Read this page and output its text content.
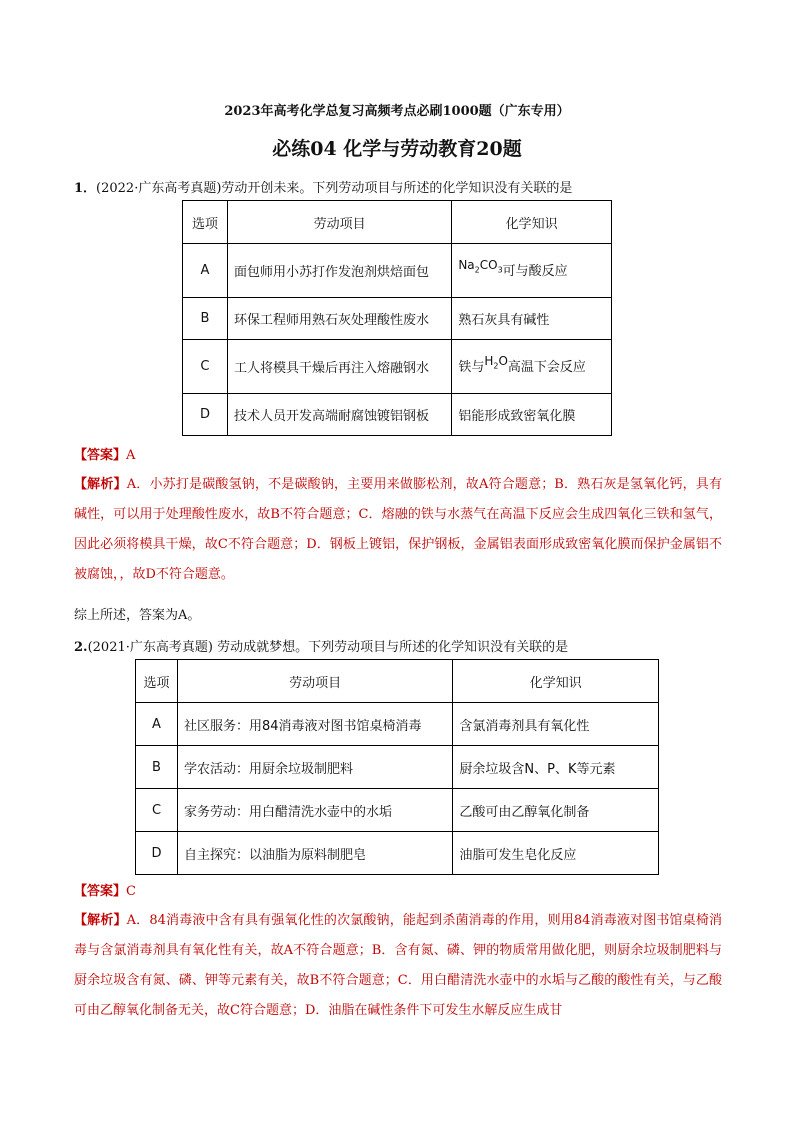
2023年高考化学总复习高频考点必刷1000题（广东专用）
必练04 化学与劳动教育20题
1．(2022·广东高考真题)劳动开创未来。下列劳动项目与所述的化学知识没有关联的是
选项	劳动项目	化学知识
A	面包师用小苏打作发泡剂烘焙面包	$Na_2CO_3$可与酸反应
B	环保工程师用熟石灰处理酸性废水	熟石灰具有碱性
C	工人将模具干燥后再注入熔融钢水	铁与$H_2O$高温下会反应
D	技术人员开发高端耐腐蚀镀铝钢板	铝能形成致密氧化膜
【答案】A
【解析】A．小苏打是碳酸氢钠，不是碳酸钠，主要用来做膨松剂，故A符合题意；B．熟石灰是氢氧化钙，具有碱性，可以用于处理酸性废水，故B不符合题意；C．熔融的铁与水蒸气在高温下反应会生成四氧化三铁和氢气，因此必须将模具干燥，故C不符合题意；D．钢板上镀铝，保护钢板，金属铝表面形成致密氧化膜而保护金属铝不被腐蚀，，故D不符合题意。
综上所述，答案为A。
2.(2021·广东高考真题) 劳动成就梦想。下列劳动项目与所述的化学知识没有关联的是
选项	劳动项目	化学知识
A	社区服务：用84消毒液对图书馆桌椅消毒	含氯消毒剂具有氧化性
B	学农活动：用厨余垃圾制肥料	厨余垃圾含N、P、K等元素
C	家务劳动：用白醋清洗水壶中的水垢	乙酸可由乙醇氧化制备
D	自主探究：以油脂为原料制肥皂	油脂可发生皂化反应
【答案】C
【解析】A．84消毒液中含有具有强氧化性的次氯酸钠，能起到杀菌消毒的作用，则用84消毒液对图书馆桌椅消毒与含氯消毒剂具有氧化性有关，故A不符合题意；B．含有氮、磷、钾的物质常用做化肥，则厨余垃圾制肥料与厨余垃圾含有氮、磷、钾等元素有关，故B不符合题意；C．用白醋清洗水壶中的水垢与乙酸的酸性有关，与乙酸可由乙醇氧化制备无关，故C符合题意；D．油脂在碱性条件下可发生水解反应生成甘
